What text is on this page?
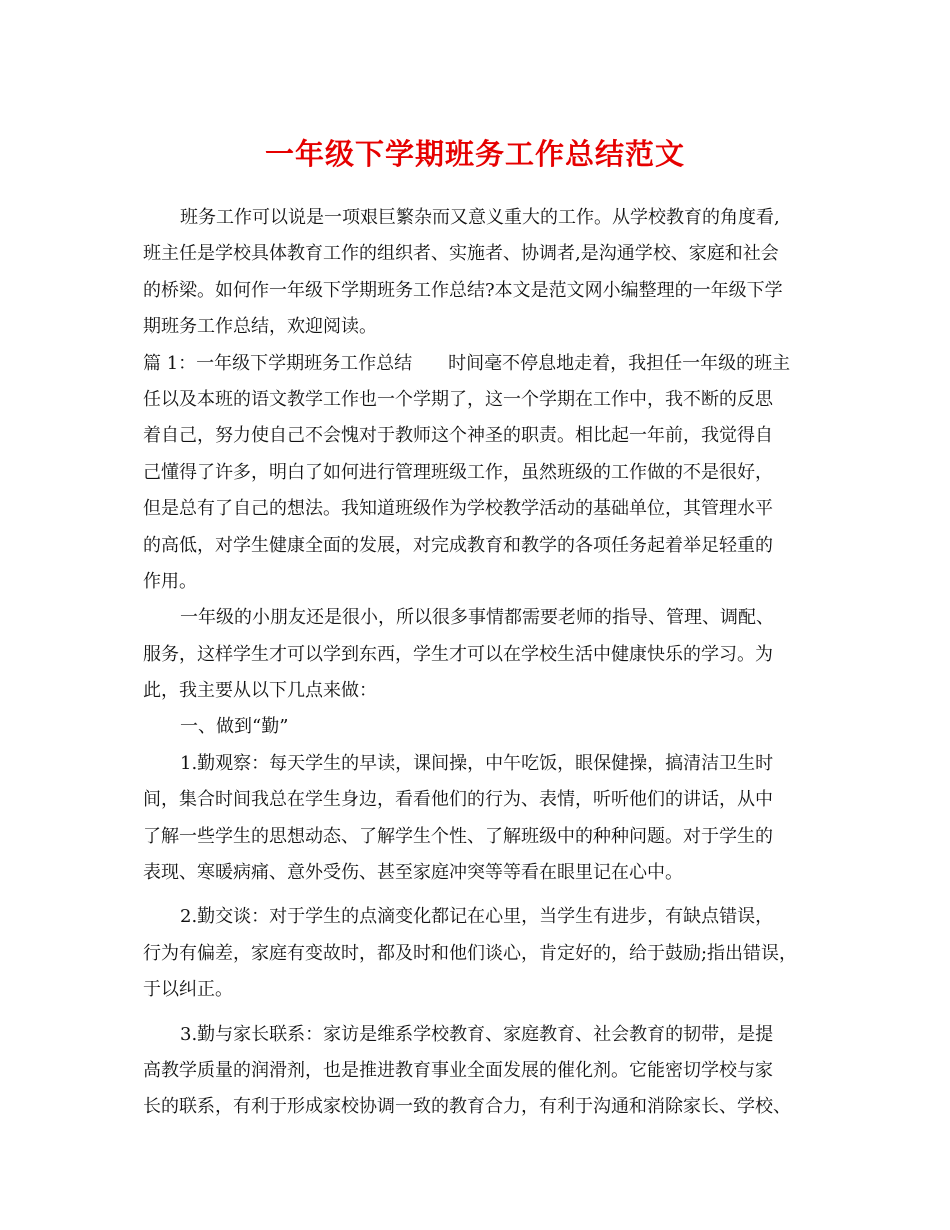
一年级下学期班务工作总结范文
班务工作可以说是一项艰巨繁杂而又意义重大的工作。从学校教育的角度看,
班主任是学校具体教育工作的组织者、实施者、协调者,是沟通学校、家庭和社会
的桥梁。如何作一年级下学期班务工作总结?本文是范文网小编整理的一年级下学
期班务工作总结，欢迎阅读。
篇 1：一年级下学期班务工作总结　　时间毫不停息地走着，我担任一年级的班主
任以及本班的语文教学工作也一个学期了，这一个学期在工作中，我不断的反思
着自己，努力使自己不会愧对于教师这个神圣的职责。相比起一年前，我觉得自
己懂得了许多，明白了如何进行管理班级工作，虽然班级的工作做的不是很好，
但是总有了自己的想法。我知道班级作为学校教学活动的基础单位，其管理水平
的高低，对学生健康全面的发展，对完成教育和教学的各项任务起着举足轻重的
作用。
一年级的小朋友还是很小，所以很多事情都需要老师的指导、管理、调配、
服务，这样学生才可以学到东西，学生才可以在学校生活中健康快乐的学习。为
此，我主要从以下几点来做：
一、做到“勤”
1.勤观察：每天学生的早读，课间操，中午吃饭，眼保健操，搞清洁卫生时
间，集合时间我总在学生身边，看看他们的行为、表情，听听他们的讲话，从中
了解一些学生的思想动态、了解学生个性、了解班级中的种种问题。对于学生的
表现、寒暖病痛、意外受伤、甚至家庭冲突等等看在眼里记在心中。
2.勤交谈：对于学生的点滴变化都记在心里，当学生有进步，有缺点错误，
行为有偏差，家庭有变故时，都及时和他们谈心，肯定好的，给于鼓励;指出错误，
于以纠正。
3.勤与家长联系：家访是维系学校教育、家庭教育、社会教育的韧带，是提
高教学质量的润滑剂，也是推进教育事业全面发展的催化剂。它能密切学校与家
长的联系，有利于形成家校协调一致的教育合力，有利于沟通和消除家长、学校、
